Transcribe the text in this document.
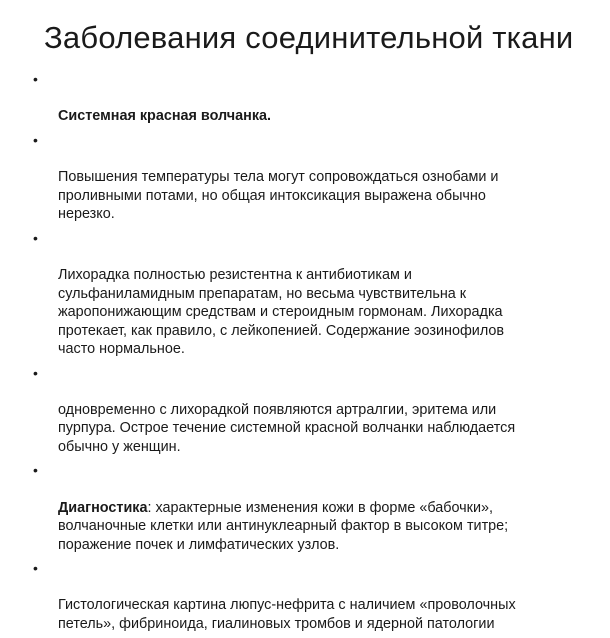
Заболевания соединительной ткани

•

Системная красная волчанка.

•

Повышения температуры тела могут сопровождаться ознобами и
проливными потами, но общая интоксикация выражена обычно
нерезко.

•

Лихорадка полностью резистентна к антибиотикам и
сульфаниламидным препаратам, но весьма чувствительна к
жаропонижающим средствам и стероидным гормонам. Лихорадка
протекает, как правило, с лейкопенией. Содержание эозинофилов
часто нормальное.

•

одновременно с лихорадкой появляются артралгии, эритема или
пурпура. Острое течение системной красной волчанки наблюдается
обычно у женщин.

•

Диагностика: характерные изменения кожи в форме «бабочки»,
волчаночные клетки или антинуклеарный фактор в высоком титре;
поражение почек и лимфатических узлов.

•

Гистологическая картина люпус-нефрита с наличием «проволочных
петель», фибриноида, гиалиновых тромбов и ядерной патологии
